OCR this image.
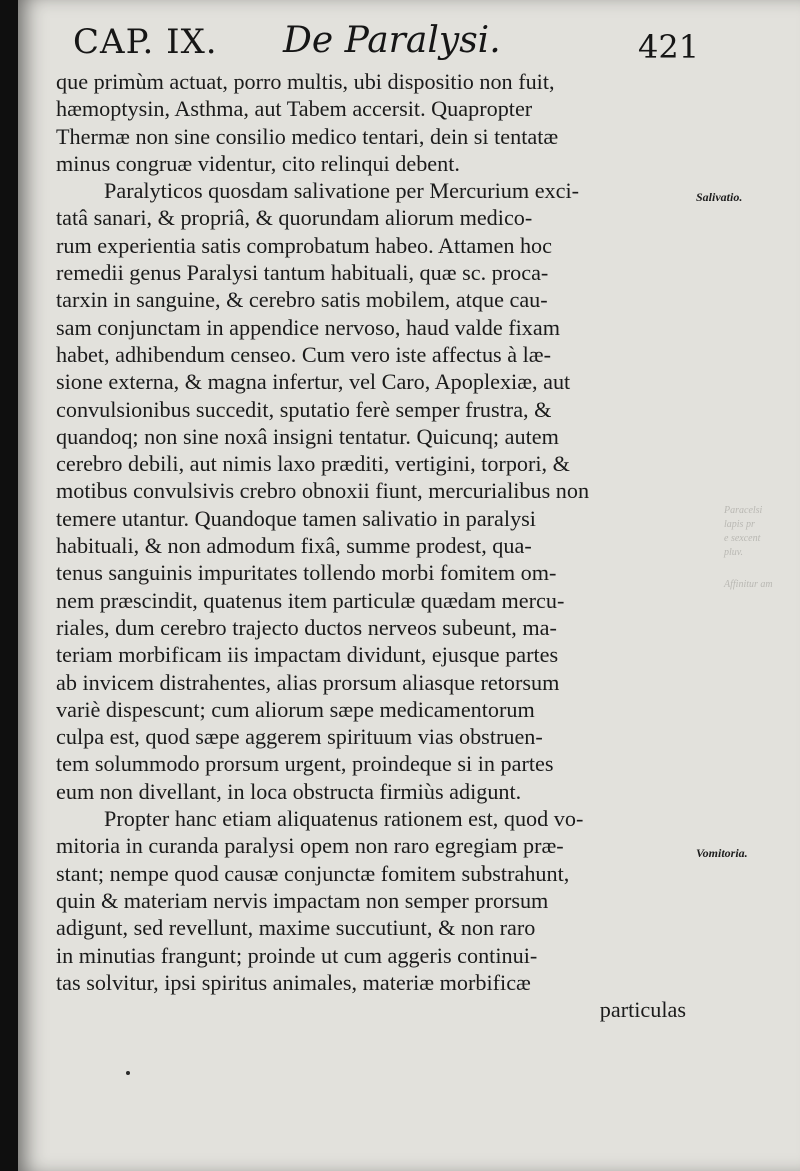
CAP. IX. De Paralysi.	421
que primùm actuat, porro multis, ubi dispositio non fuit,
hæmoptysin, Asthma, aut Tabem accersit. Quapropter
Thermæ non sine consilio medico tentari, dein si tentatæ
minus congruæ videntur, cito relinqui debent.
Paralyticos quosdam salivatione per Mercurium exci-
tatâ sanari, & propriâ, & quorundam aliorum medico-
rum experientia satis comprobatum habeo. Attamen hoc
remedii genus Paralysi tantum habituali, quæ sc. proca-
tarxin in sanguine, & cerebro satis mobilem, atque cau-
sam conjunctam in appendice nervoso, haud valde fixam
habet, adhibendum censeo. Cum vero iste affectus à læ-
sione externa, & magna infertur, vel Caro, Apoplexiæ, aut
convulsionibus succedit, sputatio ferè semper frustra, &
quandoq; non sine noxâ insigni tentatur. Quicunq; autem
cerebro debili, aut nimis laxo præditi, vertigini, torpori, &
motibus convulsivis crebro obnoxii fiunt, mercurialibus non
temere utantur. Quandoque tamen salivatio in paralysi
habituali, & non admodum fixâ, summe prodest, qua-
tenus sanguinis impuritates tollendo morbi fomitem om-
nem præscindit, quatenus item particulæ quædam mercu-
riales, dum cerebro trajecto ductos nerveos subeunt, ma-
teriam morbificam iis impactam dividunt, ejusque partes
ab invicem distrahentes, alias prorsum aliasque retorsum
variè dispescunt; cum aliorum sæpe medicamentorum
culpa est, quod sæpe aggerem spirituum vias obstruen-
tem solummodo prorsum urgent, proindeque si in partes
eum non divellant, in loca obstructa firmiùs adigunt.
Propter hanc etiam aliquatenus rationem est, quod vo-
mitoria in curanda paralysi opem non raro egregiam præ-
stant; nempe quod causæ conjunctæ fomitem substrahunt,
quin & materiam nervis impactam non semper prorsum
adigunt, sed revellunt, maxime succutiunt, & non raro
in minutias frangunt; proinde ut cum aggeris continui-
tas solvitur, ipsi spiritus animales, materiæ morbificæ
particulas
Salivatio.
Vomitoria.
Paracelsi
lapis pr
e sexcent
pluv.
Affinitur am
